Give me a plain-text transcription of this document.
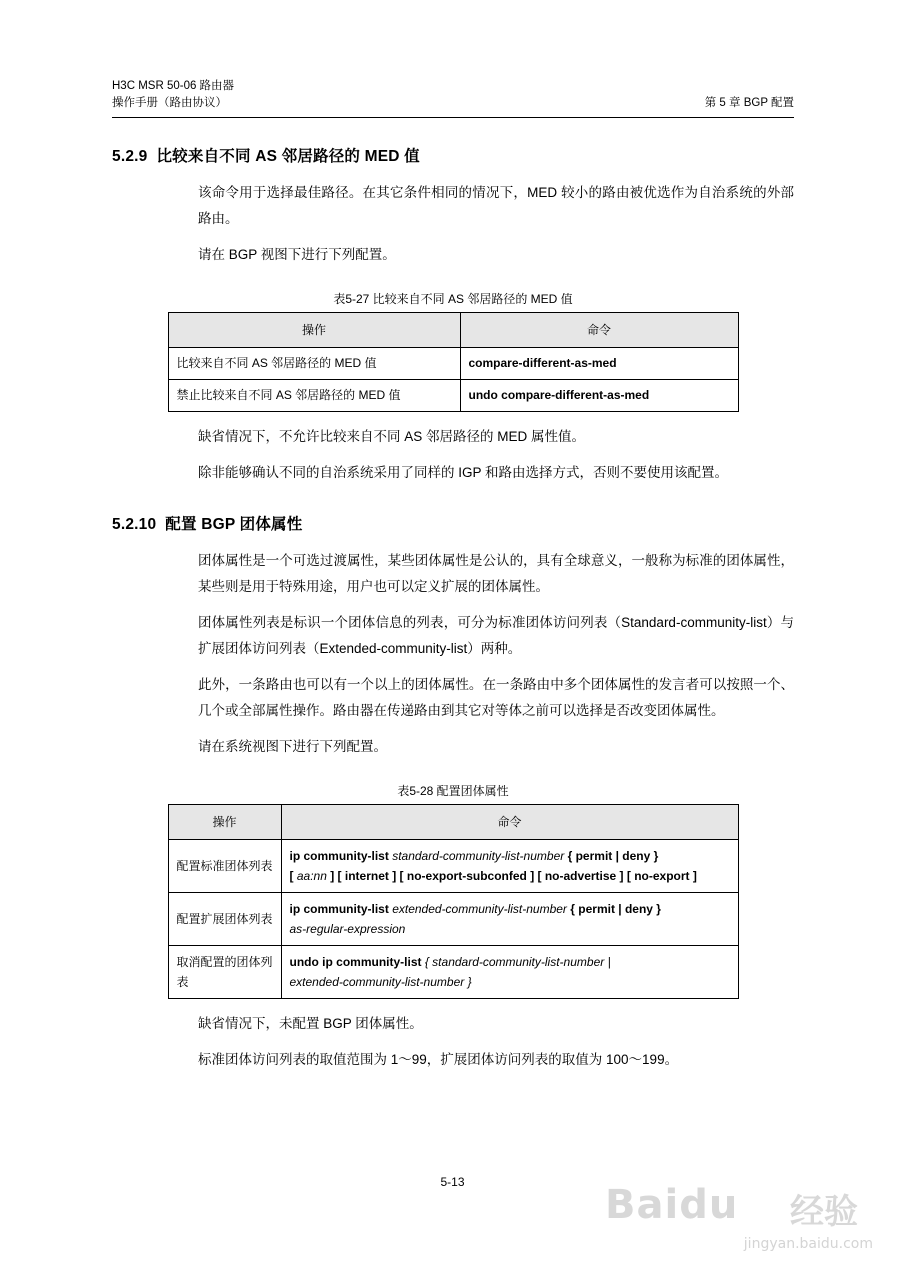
H3C MSR 50-06 路由器
操作手册（路由协议）	第 5 章 BGP 配置
5.2.9 比较来自不同 AS 邻居路径的 MED 值

该命令用于选择最佳路径。在其它条件相同的情况下，MED 较小的路由被优选作为自治系统的外部路由。

请在 BGP 视图下进行下列配置。

表5-27 比较来自不同 AS 邻居路径的 MED 值
操作	命令
比较来自不同 AS 邻居路径的 MED 值	compare-different-as-med
禁止比较来自不同 AS 邻居路径的 MED 值	undo compare-different-as-med

缺省情况下，不允许比较来自不同 AS 邻居路径的 MED 属性值。

除非能够确认不同的自治系统采用了同样的 IGP 和路由选择方式，否则不要使用该配置。

5.2.10 配置 BGP 团体属性

团体属性是一个可选过渡属性，某些团体属性是公认的，具有全球意义，一般称为标准的团体属性，某些则是用于特殊用途，用户也可以定义扩展的团体属性。

团体属性列表是标识一个团体信息的列表，可分为标准团体访问列表（Standard-community-list）与扩展团体访问列表（Extended-community-list）两种。

此外，一条路由也可以有一个以上的团体属性。在一条路由中多个团体属性的发言者可以按照一个、几个或全部属性操作。路由器在传递路由到其它对等体之前可以选择是否改变团体属性。

请在系统视图下进行下列配置。

表5-28 配置团体属性
操作	命令
配置标准团体列表	ip community-list standard-community-list-number { permit | deny }
[ aa:nn ] [ internet ] [ no-export-subconfed ] [ no-advertise ] [ no-export ]
配置扩展团体列表	ip community-list extended-community-list-number { permit | deny }
as-regular-expression
取消配置的团体列表	undo ip community-list { standard-community-list-number |
extended-community-list-number }

缺省情况下，未配置 BGP 团体属性。

标准团体访问列表的取值范围为 1～99，扩展团体访问列表的取值为 100～199。

5-13	Baidu 经验
jingyan.baidu.com
